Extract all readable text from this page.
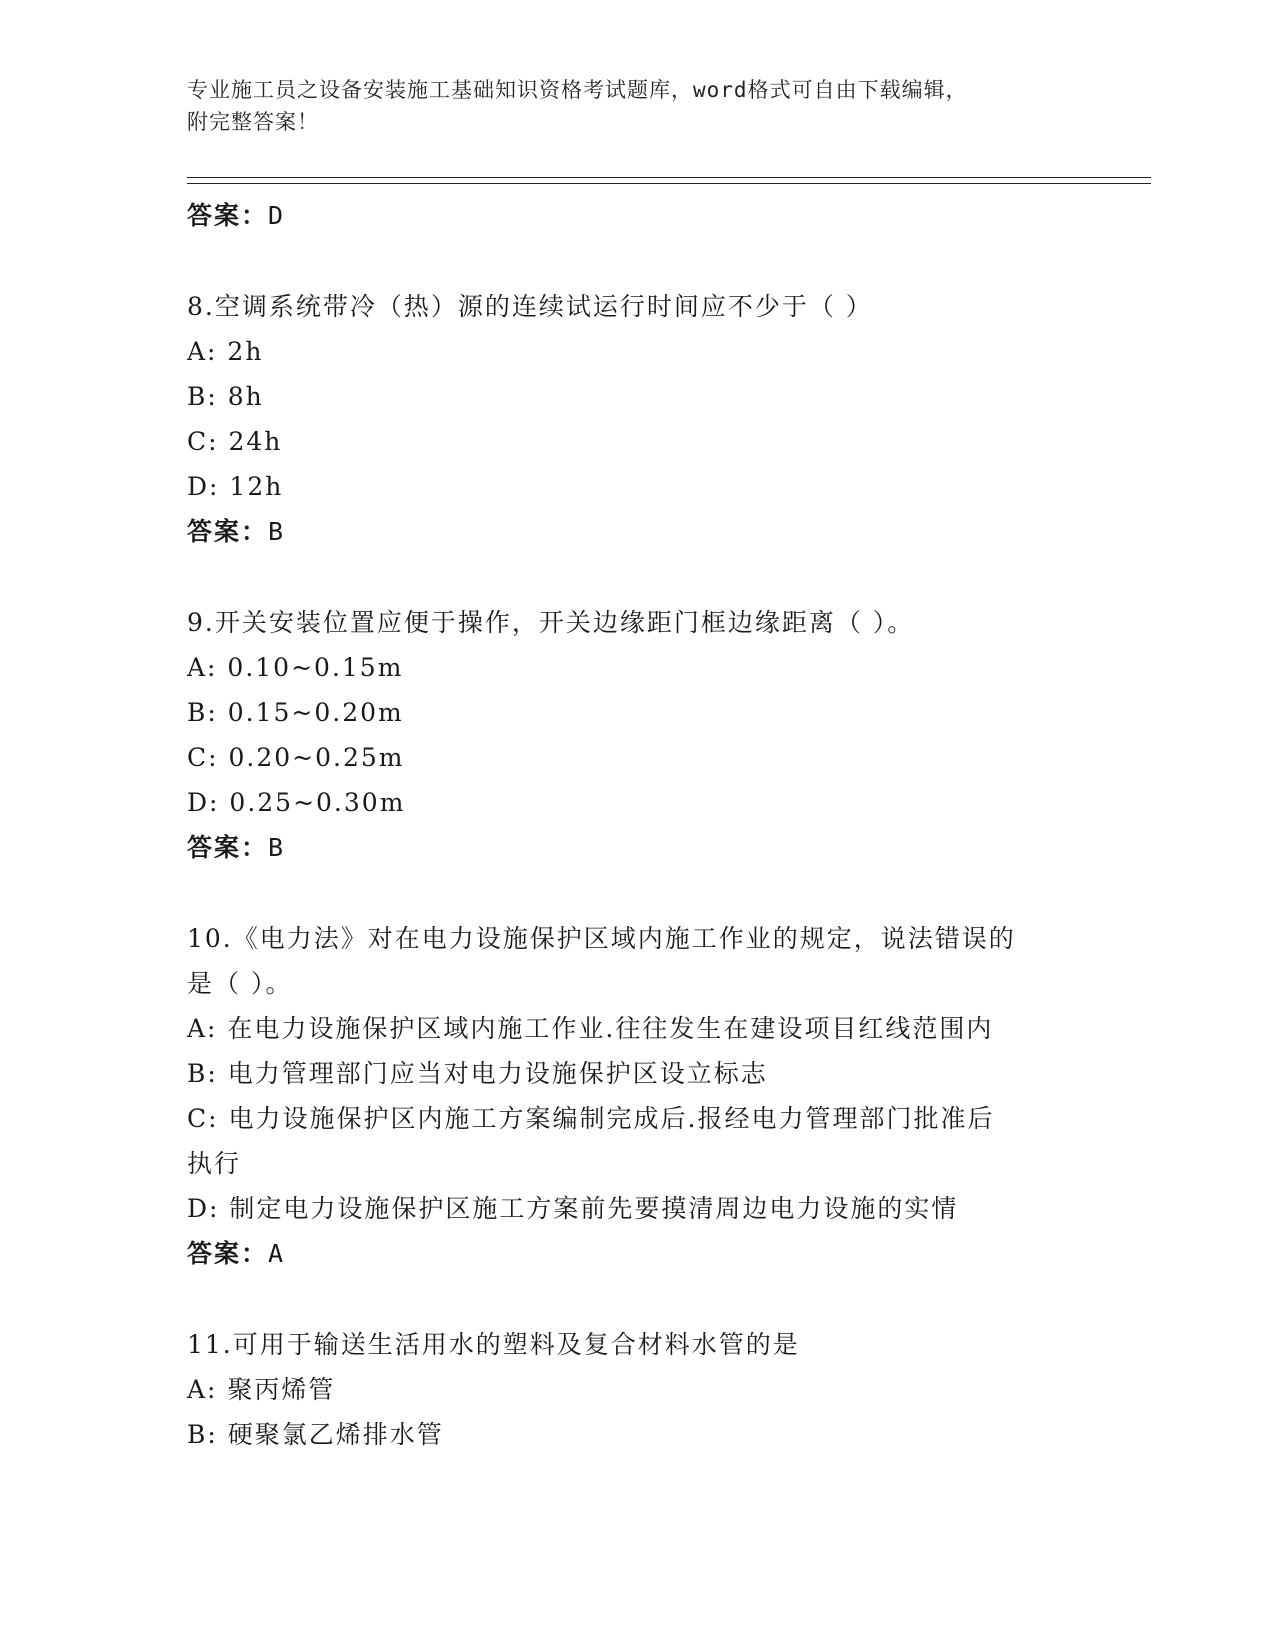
专业施工员之设备安装施工基础知识资格考试题库，word格式可自由下载编辑，
附完整答案！
答案：D
8.空调系统带冷（热）源的连续试运行时间应不少于（ ）
A: 2h
B: 8h
C: 24h
D: 12h
答案：B
9.开关安装位置应便于操作，开关边缘距门框边缘距离（ ）。
A: 0.10~0.15m
B: 0.15~0.20m
C: 0.20~0.25m
D: 0.25~0.30m
答案：B
10.《电力法》对在电力设施保护区域内施工作业的规定，说法错误的
是（ ）。
A: 在电力设施保护区域内施工作业.往往发生在建设项目红线范围内
B: 电力管理部门应当对电力设施保护区设立标志
C: 电力设施保护区内施工方案编制完成后.报经电力管理部门批准后
执行
D: 制定电力设施保护区施工方案前先要摸清周边电力设施的实情
答案：A
11.可用于输送生活用水的塑料及复合材料水管的是
A: 聚丙烯管
B: 硬聚氯乙烯排水管
